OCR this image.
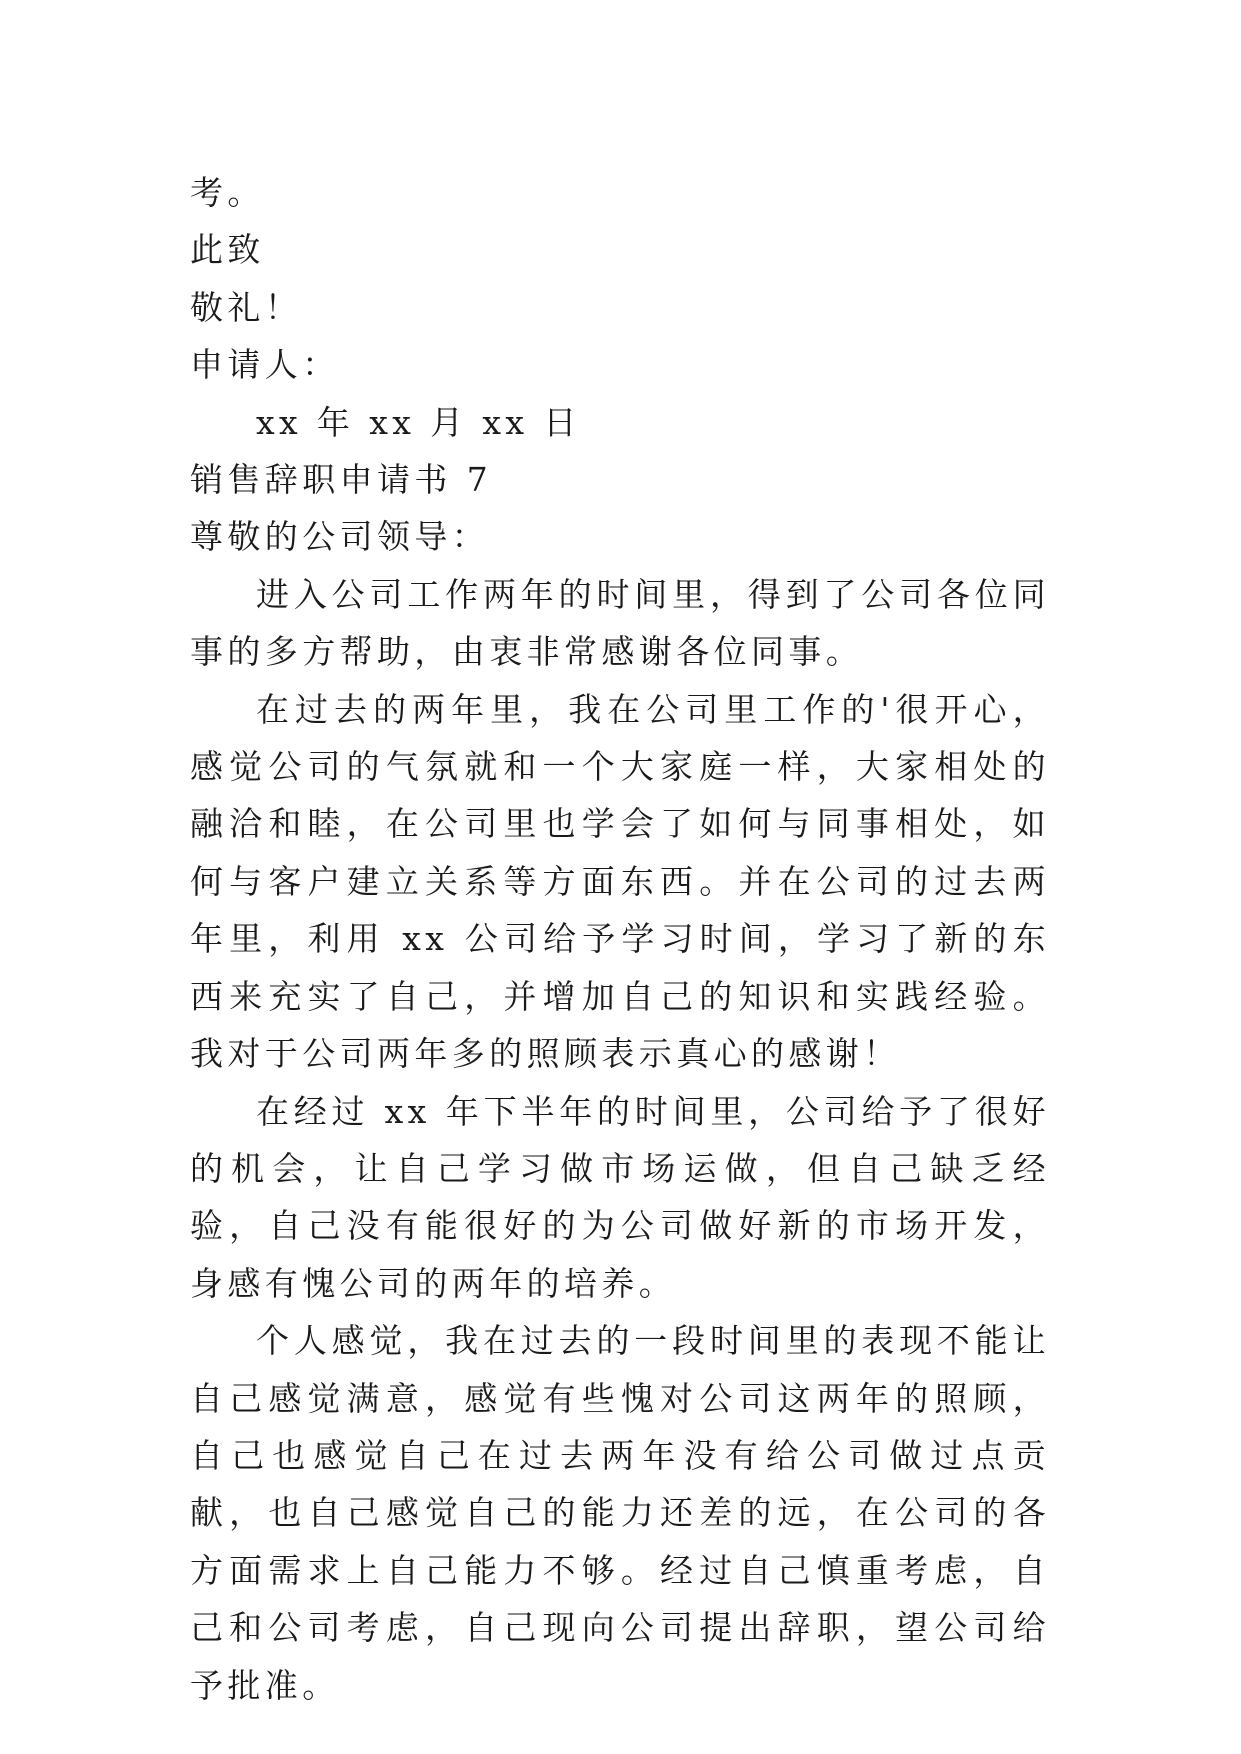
考。

此致

敬礼！

申请人：

xx 年 xx 月 xx 日

销售辞职申请书 7

尊敬的公司领导：

进入公司工作两年的时间里，得到了公司各位同事的多方帮助，由衷非常感谢各位同事。

在过去的两年里，我在公司里工作的'很开心，感觉公司的气氛就和一个大家庭一样，大家相处的融洽和睦，在公司里也学会了如何与同事相处，如何与客户建立关系等方面东西。并在公司的过去两年里，利用 xx 公司给予学习时间，学习了新的东西来充实了自己，并增加自己的知识和实践经验。我对于公司两年多的照顾表示真心的感谢！

在经过 xx 年下半年的时间里，公司给予了很好的机会，让自己学习做市场运做，但自己缺乏经验，自己没有能很好的为公司做好新的市场开发，身感有愧公司的两年的培养。

个人感觉，我在过去的一段时间里的表现不能让自己感觉满意，感觉有些愧对公司这两年的照顾，自己也感觉自己在过去两年没有给公司做过点贡献，也自己感觉自己的能力还差的远，在公司的各方面需求上自己能力不够。经过自己慎重考虑，自己和公司考虑，自己现向公司提出辞职，望公司给予批准。
